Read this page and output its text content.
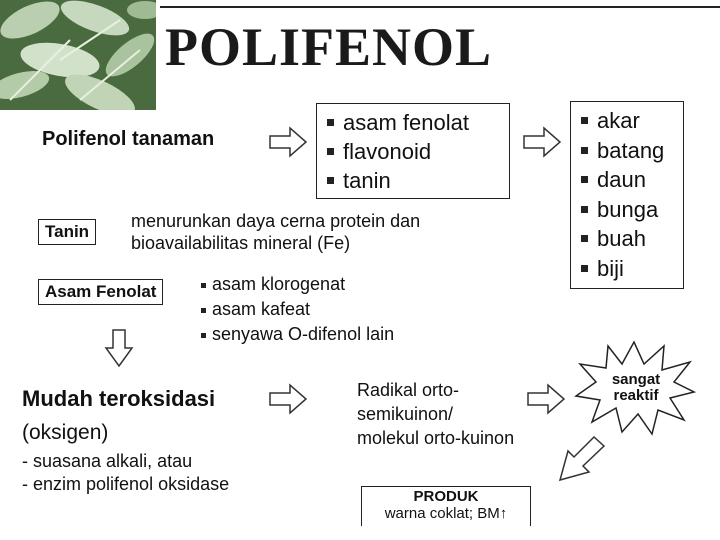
POLIFENOL
sangat
reaktif
Polifenol tanaman
asam fenolat
flavonoid
tanin
akar
batang
daun
bunga
buah
biji
Tanin
menurunkan daya cerna protein dan
bioavailabilitas mineral (Fe)
Asam Fenolat	asam klorogenat
asam kafeat
senyawa O-difenol lain
Mudah teroksidasi
(oksigen)
- suasana alkali, atau
- enzim polifenol oksidase
Radikal orto-
semikuinon/
molekul orto-kuinon
PRODUK
warna coklat; BM↑
